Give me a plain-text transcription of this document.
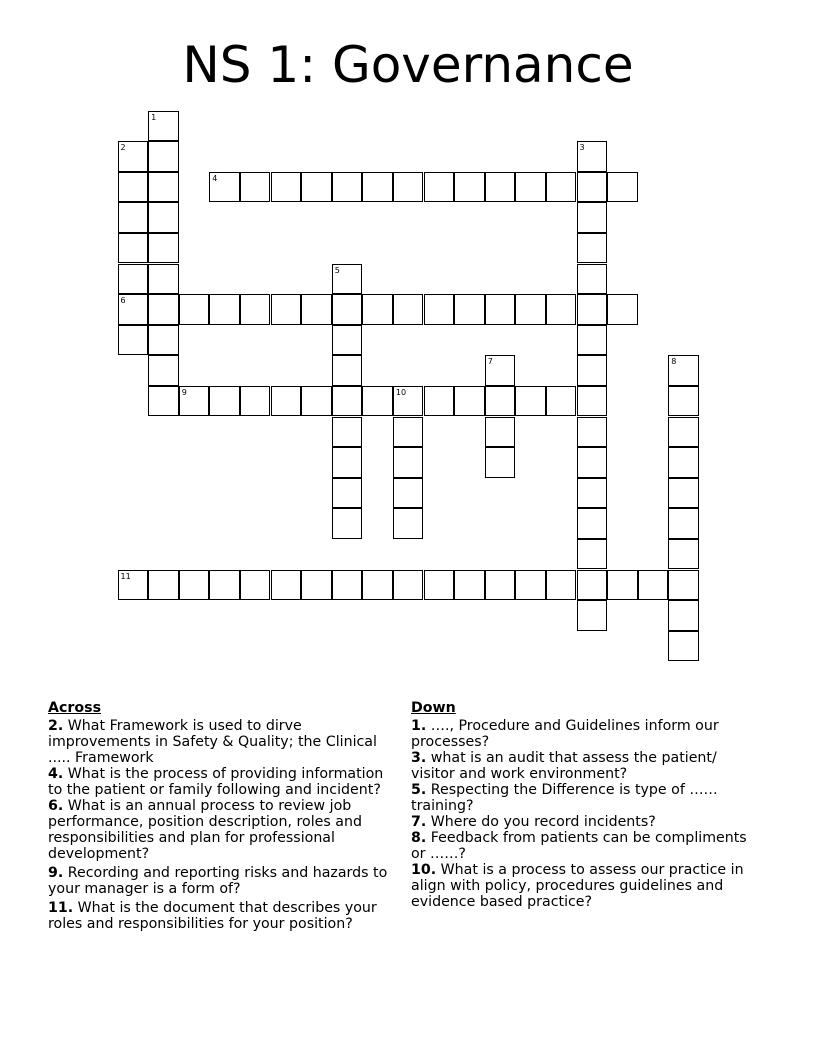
NS 1: Governance
2
6
1
3
4
5
7	8
9	10
11
Across
2. What Framework is used to dirve improvements in Safety & Quality; the Clinical ..... Framework
4. What is the process of providing information to the patient or family following and incident?
6. What is an annual process to review job performance, position description, roles and responsibilities and plan for professional development?
9. Recording and reporting risks and hazards to your manager is a form of?
11. What is the document that describes your roles and responsibilities for your position?
Down
1. …., Procedure and Guidelines inform our processes?
3. what is an audit that assess the patient/ visitor and work environment?
5. Respecting the Difference is type of …… training?
7. Where do you record incidents?
8. Feedback from patients can be compliments or ……?
10. What is a process to assess our practice in align with policy, procedures guidelines and evidence based practice?
